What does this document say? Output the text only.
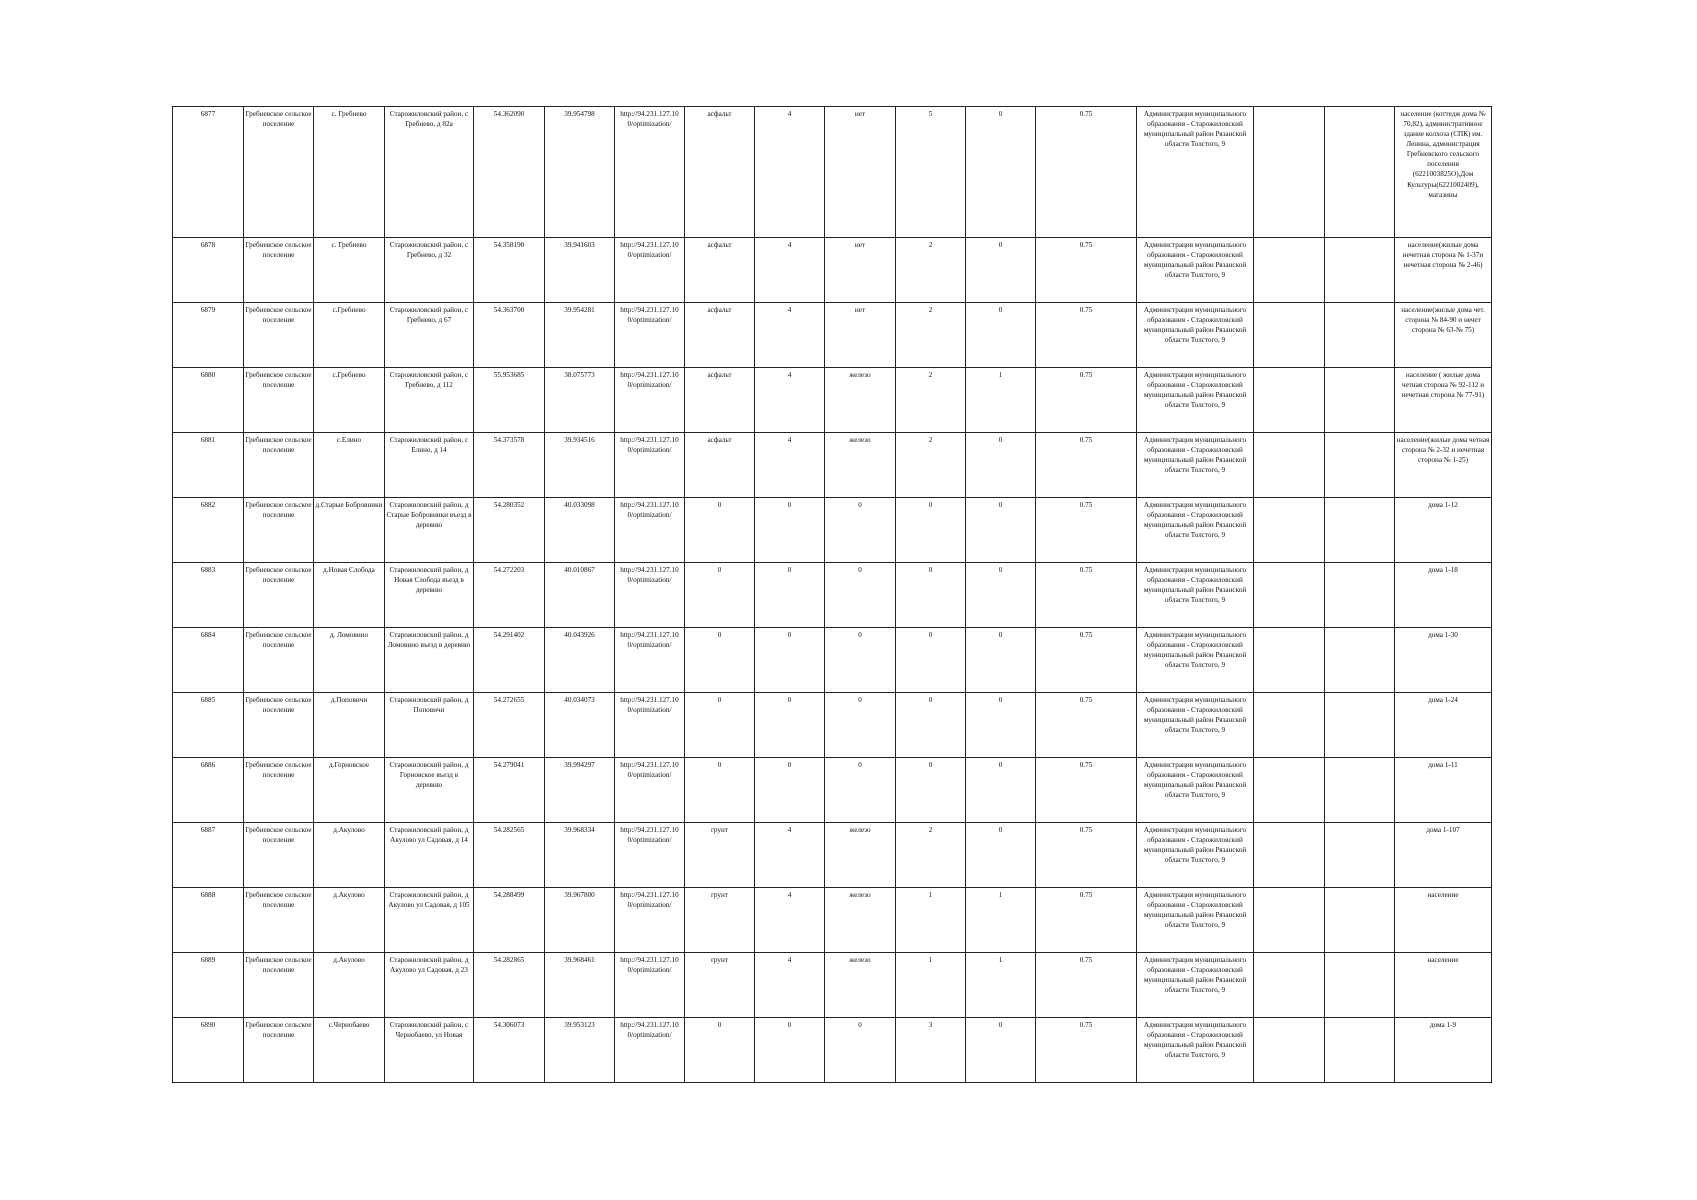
6877	Гребневское сельское поселение	с. Гребнево	Старожиловский район, с Гребнево, д 82а	54.362090	39.954798	http://94.231.127.10 0/optimization/	асфальт	4	нет	5	0	0.75	Администрация муниципального образования - Старожиловский муниципальный район Рязанской области Толстого, 9			население (коттедж дома № 70,82), административное здание колхоза (СПК) им. Ленина, администрация Гребневского сельского поселения (6221003825О),Дом Культуры(6221002409), магазины
6878	Гребневское сельское поселение	с. Гребнево	Старожиловский район, с Гребнево, д 32	54.358190	39.941603	http://94.231.127.10 0/optimization/	асфальт	4	нет	2	0	0.75	Администрация муниципального образования - Старожиловский муниципальный район Рязанской области Толстого, 9			население(жилые дома нечетная сторона № 1-37и нечетная сторона № 2-46)
6879	Гребневское сельское поселение	с.Гребнево	Старожиловский район, с Гребнево, д 67	54.363700	39.954281	http://94.231.127.10 0/optimization/	асфальт	4	нет	2	0	0.75	Администрация муниципального образования - Старожиловский муниципальный район Рязанской области Толстого, 9			население(жилые дома чет. сторона № 84-90 и нечет сторона № 63-№ 75)
6880	Гребневское сельское поселение	с.Гребнево	Старожиловский район, с Гребнево, д 112	55.953685	38.075773	http://94.231.127.10 0/optimization/	асфальт	4	железо	2	1	0.75	Администрация муниципального образования - Старожиловский муниципальный район Рязанской области Толстого, 9			население ( жилые дома четная сторона № 92-112 и нечетная сторона № 77-91)
6881	Гребневское сельское поселение	с.Елино	Старожиловский район, с Елино, д 14	54.373578	39.934516	http://94.231.127.10 0/optimization/	асфальт	4	железо	2	0	0.75	Администрация муниципального образования - Старожиловский муниципальный район Рязанской области Толстого, 9			население(жилые дома четная сторона № 2-32 и нечетная сторона № 1-25)
6882	Гребневское сельское поселение	д.Старые Бобровники	Старожиловский район, д Старые Бобровники въезд в деревню	54.280352	40.033098	http://94.231.127.10 0/optimization/	0	0	0	0	0	0.75	Администрация муниципального образования - Старожиловский муниципальный район Рязанской области Толстого, 9			дома 1-12
6883	Гребневское сельское поселение	д.Новая Слобода	Старожиловский район, д Новая Слобода въезд в деревню	54.272203	40.010867	http://94.231.127.10 0/optimization/	0	0	0	0	0	0.75	Администрация муниципального образования - Старожиловский муниципальный район Рязанской области Толстого, 9			дома 1-18
6884	Гребневское сельское поселение	д. Ломовино	Старожиловский район, д Ломовино въезд в деревню	54.291402	40.043926	http://94.231.127.10 0/optimization/	0	0	0	0	0	0.75	Администрация муниципального образования - Старожиловский муниципальный район Рязанской области Толстого, 9			дома 1-30
6885	Гребневское сельское поселение	д.Поповичи	Старожиловский район, д Поповичи	54.272655	40.034073	http://94.231.127.10 0/optimization/	0	0	0	0	0	0.75	Администрация муниципального образования - Старожиловский муниципальный район Рязанской области Толстого, 9			дома 1-24
6886	Гребневское сельское поселение	д.Горновское	Старожиловский район, д Горновское въезд в деревню	54.279041	39.994297	http://94.231.127.10 0/optimization/	0	0	0	0	0	0.75	Администрация муниципального образования - Старожиловский муниципальный район Рязанской области Толстого, 9			дома 1-11
6887	Гребневское сельское поселение	д.Акулово	Старожиловский район, д Акулово ул Садовая, д 14	54.282565	39.968334	http://94.231.127.10 0/optimization/	грунт	4	железо	2	0	0.75	Администрация муниципального образования - Старожиловский муниципальный район Рязанской области Толстого, 9			дома 1-107
6888	Гребневское сельское поселение	д.Акулово	Старожиловский район, д Акулово ул Садовая, д 105	54.288499	39.967800	http://94.231.127.10 0/optimization/	грунт	4	железо	1	1	0.75	Администрация муниципального образования - Старожиловский муниципальный район Рязанской области Толстого, 9			население
6889	Гребневское сельское поселение	д.Акулово	Старожиловский район, д Акулово ул Садовая, д 23	54.282865	39.968461	http://94.231.127.10 0/optimization/	грунт	4	железо	1	1	0.75	Администрация муниципального образования - Старожиловский муниципальный район Рязанской области Толстого, 9			население
6890	Гребневское сельское поселение	с.Чернобаево	Старожиловский район, с Чернобаево, ул Новая	54.306073	39.953123	http://94.231.127.10 0/optimization/	0	0	0	3	0	0.75	Администрация муниципального образования - Старожиловский муниципальный район Рязанской области Толстого, 9			дома 1-9
